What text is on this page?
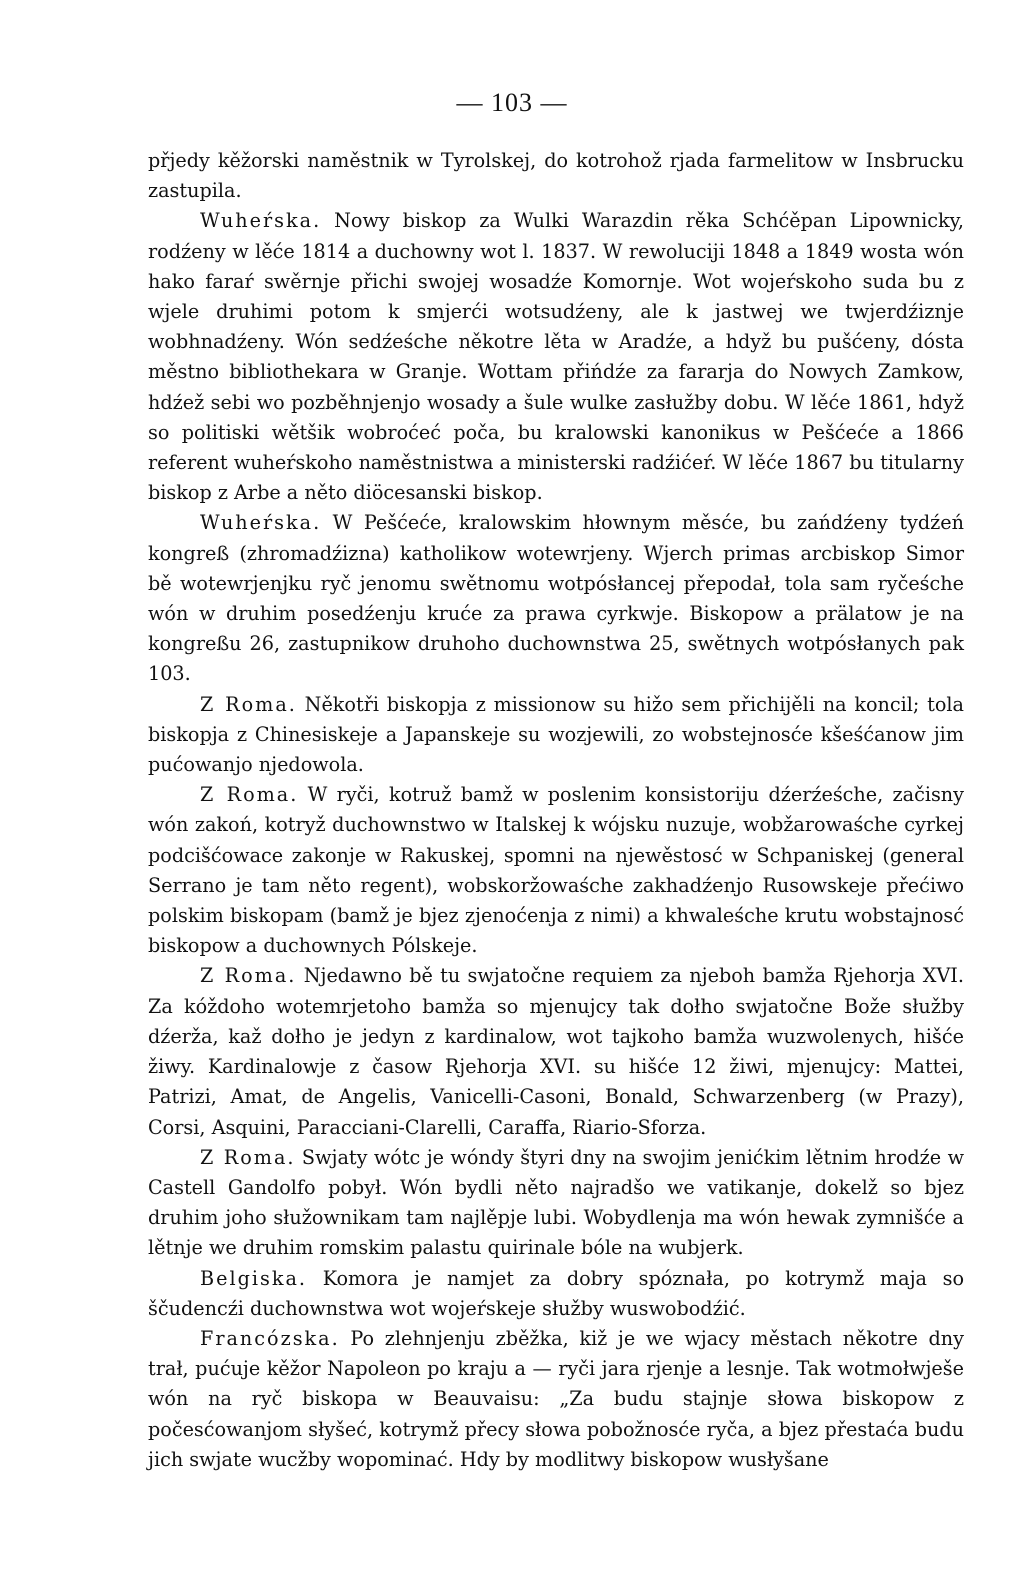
— 103 —

přjedy kěžorski naměstnik w Tyrolskej, do kotrohož rjada farmelitow w Insbrucku zastupila.

Wuheŕska. Nowy biskop za Wulki Warazdin rěka Schćěpan Lipownicky, rodźeny w lěće 1814 a duchowny wot l. 1837. W rewoluciji 1848 a 1849 wosta wón hako faraŕ swěrnje přichi swojej wosadźe Komornje. Wot wojeŕskoho suda bu z wjele druhimi potom k smjerći wotsudźeny, ale k jastwej we twjerdźiznje wobhnadźeny. Wón sedźeśche někotre lěta w Aradźe, a hdyž bu pušćeny, dósta městno bibliothekara w Granje. Wottam přińdźe za fararja do Nowych Zamkow, hdźež sebi wo pozběhnjenjo wosady a šule wulke zasłužby dobu. W lěće 1861, hdyž so politiski wětšik wobroćeć poča, bu kralowski kanonikus w Pešćeće a 1866 referent wuheŕskoho naměstnistwa a ministerski radźićeŕ. W lěće 1867 bu titularny biskop z Arbe a něto diöcesanski biskop.

Wuheŕska. W Pešćeće, kralowskim hłownym měsće, bu zańdźeny tydźeń kongreß (zhromadźizna) katholikow wotewrjeny. Wjerch primas arcbiskop Simor bě wotewrjenjku ryč jenomu swětnomu wotpósłancej přepodał, tola sam ryčeśche wón w druhim posedźenju kruće za prawa cyrkwje. Biskopow a prälatow je na kongreßu 26, zastupnikow druhoho duchownstwa 25, swětnych wotpósłanych pak 103.

Z Roma. Někotři biskopja z missionow su hižo sem přichijěli na koncil; tola biskopja z Chinesiskeje a Japanskeje su wozjewili, zo wobstejnosće kšeśćanow jim pućowanjo njedowola.

Z Roma. W ryči, kotruž bamž w poslenim konsistoriju dźerźeśche, začisny wón zakoń, kotryž duchownstwo w Italskej k wójsku nuzuje, wobžarowaśche cyrkej podcišćowace zakonje w Rakuskej, spomni na njewěstosć w Schpaniskej (general Serrano je tam něto regent), wobskoržowaśche zakhadźenjo Rusowskeje přećiwo polskim biskopam (bamž je bjez zjenoćenja z nimi) a khwaleśche krutu wobstajnosć biskopow a duchownych Pólskeje.

Z Roma. Njedawno bě tu swjatočne requiem za njeboh bamža Rjehorja XVI. Za kóždoho wotemrjetoho bamža so mjenujcy tak dołho swjatočne Bože słužby dźerža, kaž dołho je jedyn z kardinalow, wot tajkoho bamža wuzwolenych, hišće žiwy. Kardinalowje z časow Rjehorja XVI. su hišće 12 žiwi, mjenujcy: Mattei, Patrizi, Amat, de Angelis, Vanicelli-Casoni, Bonald, Schwarzenberg (w Prazy), Corsi, Asquini, Paracciani-Clarelli, Caraffa, Riario-Sforza.

Z Roma. Swjaty wótc je wóndy štyri dny na swojim jenićkim lětnim hrodźe w Castell Gandolfo pobył. Wón bydli něto najradšo we vatikanje, dokelž so bjez druhim joho słužownikam tam najlěpje lubi. Wobydlenja ma wón hewak zymnišće a lětnje we druhim romskim palastu quirinale bóle na wubjerk.

Belgiska. Komora je namjet za dobry spóznała, po kotrymž maja so ščudencźi duchownstwa wot wojeŕskeje słužby wuswobodźić.

Francózska. Po zlehnjenju zběžka, kiž je we wjacy městach někotre dny trał, pućuje kěžor Napoleon po kraju a — ryči jara rjenje a lesnje. Tak wotmołwješe wón na ryč biskopa w Beauvaisu: „Za budu stajnje słowa biskopow z počesćowanjom słyšeć, kotrymž přecy słowa pobožnosće ryča, a bjez přestaća budu jich swjate wucžby wopominać. Hdy by modlitwy biskopow wusłyšane
